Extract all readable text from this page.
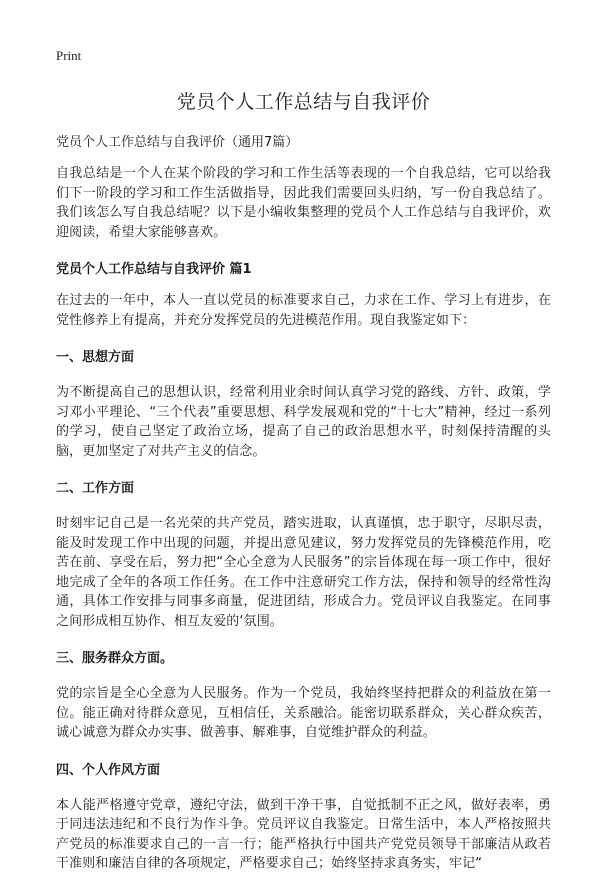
Print
党员个人工作总结与自我评价

党员个人工作总结与自我评价（通用7篇）

自我总结是一个人在某个阶段的学习和工作生活等表现的一个自我总结，它可以给我们下一阶段的学习和工作生活做指导，因此我们需要回头归纳，写一份自我总结了。我们该怎么写自我总结呢？以下是小编收集整理的党员个人工作总结与自我评价，欢迎阅读，希望大家能够喜欢。

党员个人工作总结与自我评价 篇1

在过去的一年中，本人一直以党员的标准要求自己，力求在工作、学习上有进步，在党性修养上有提高，并充分发挥党员的先进模范作用。现自我鉴定如下：

一、思想方面

为不断提高自己的思想认识，经常利用业余时间认真学习党的路线、方针、政策，学习邓小平理论、“三个代表”重要思想、科学发展观和党的“十七大”精神，经过一系列的学习，使自己坚定了政治立场，提高了自己的政治思想水平，时刻保持清醒的头脑，更加坚定了对共产主义的信念。

二、工作方面

时刻牢记自己是一名光荣的共产党员，踏实进取，认真谨慎，忠于职守，尽职尽责，能及时发现工作中出现的问题，并提出意见建议，努力发挥党员的先锋模范作用，吃苦在前、享受在后，努力把“全心全意为人民服务”的宗旨体现在每一项工作中，很好地完成了全年的各项工作任务。在工作中注意研究工作方法，保持和领导的经常性沟通，具体工作安排与同事多商量，促进团结，形成合力。党员评议自我鉴定。在同事之间形成相互协作、相互友爱的‘氛围。

三、服务群众方面。

党的宗旨是全心全意为人民服务。作为一个党员，我始终坚持把群众的利益放在第一位。能正确对待群众意见，互相信任，关系融洽。能密切联系群众，关心群众疾苦，诚心诚意为群众办实事、做善事、解难事，自觉维护群众的利益。

四、个人作风方面

本人能严格遵守党章，遵纪守法，做到干净干事，自觉抵制不正之风，做好表率，勇于同违法违纪和不良行为作斗争。党员评议自我鉴定。日常生活中，本人严格按照共产党员的标准要求自己的一言一行；能严格执行中国共产党党员领导干部廉洁从政若干准则和廉洁自律的各项规定，严格要求自己；始终坚持求真务实，牢记“
